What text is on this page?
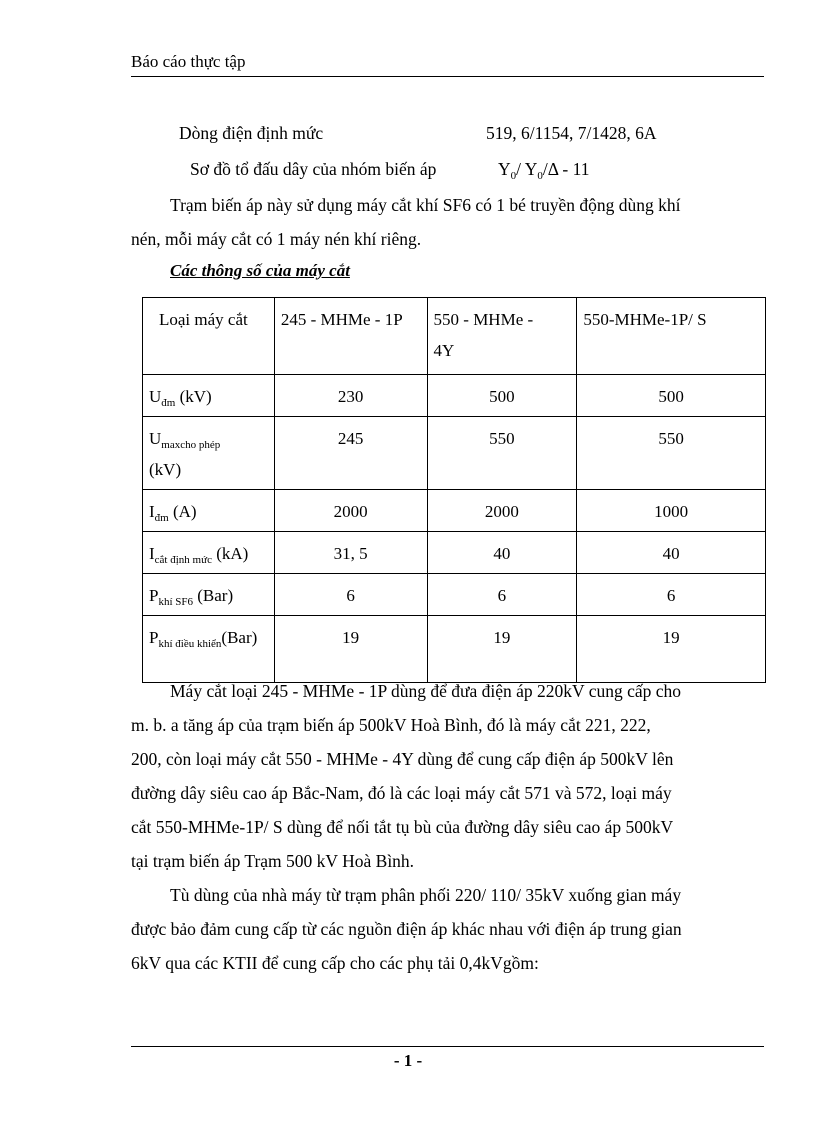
Báo cáo thực tập
Dòng điện định mức	519, 6/1154, 7/1428, 6A
Sơ đồ tổ đấu dây của nhóm biến áp	$Y_0/$ $Y_0/\Delta - 11$
Trạm biến áp này sử dụng máy cắt khí SF6 có 1 bé truyền động dùng khí
nén, mỗi máy cắt có 1 máy nén khí riêng.
Các thông số của máy cắt
Loại máy cắt	245 - MHMe - 1P	550 - MHMe - 4Y	550-MHMe-1P/ S
$U_{đm}$ (kV)	230	500	500
$U_{maxcho phép}$
(kV)	245	550	550
$I_{đm}$ (A)	2000	2000	1000
$I_{cắt định mức}$ (kA)	31, 5	40	40
$P_{khí SF6}$ (Bar)	6	6	6
$P_{khí điều khiển}(Bar)$	19	19	19
Máy cắt loại 245 - MHMe - 1P dùng để đưa điện áp 220kV cung cấp cho
m. b. a tăng áp của trạm biến áp 500kV Hoà Bình, đó là máy cắt 221, 222,
200, còn loại máy cắt 550 - MHMe - 4Y dùng để cung cấp điện áp 500kV lên
đường dây siêu cao áp Bắc-Nam, đó là các loại máy cắt 571 và 572, loại máy
cắt 550-MHMe-1P/ S dùng để nối tắt tụ bù của đường dây siêu cao áp 500kV
tại trạm biến áp Trạm 500 kV Hoà Bình.
Tù dùng của nhà máy từ trạm phân phối 220/ 110/ 35kV xuống gian máy
được bảo đảm cung cấp từ các nguồn điện áp khác nhau với điện áp trung gian
6kV qua các KTII để cung cấp cho các phụ tải 0,4kVgồm:
- 1 -
